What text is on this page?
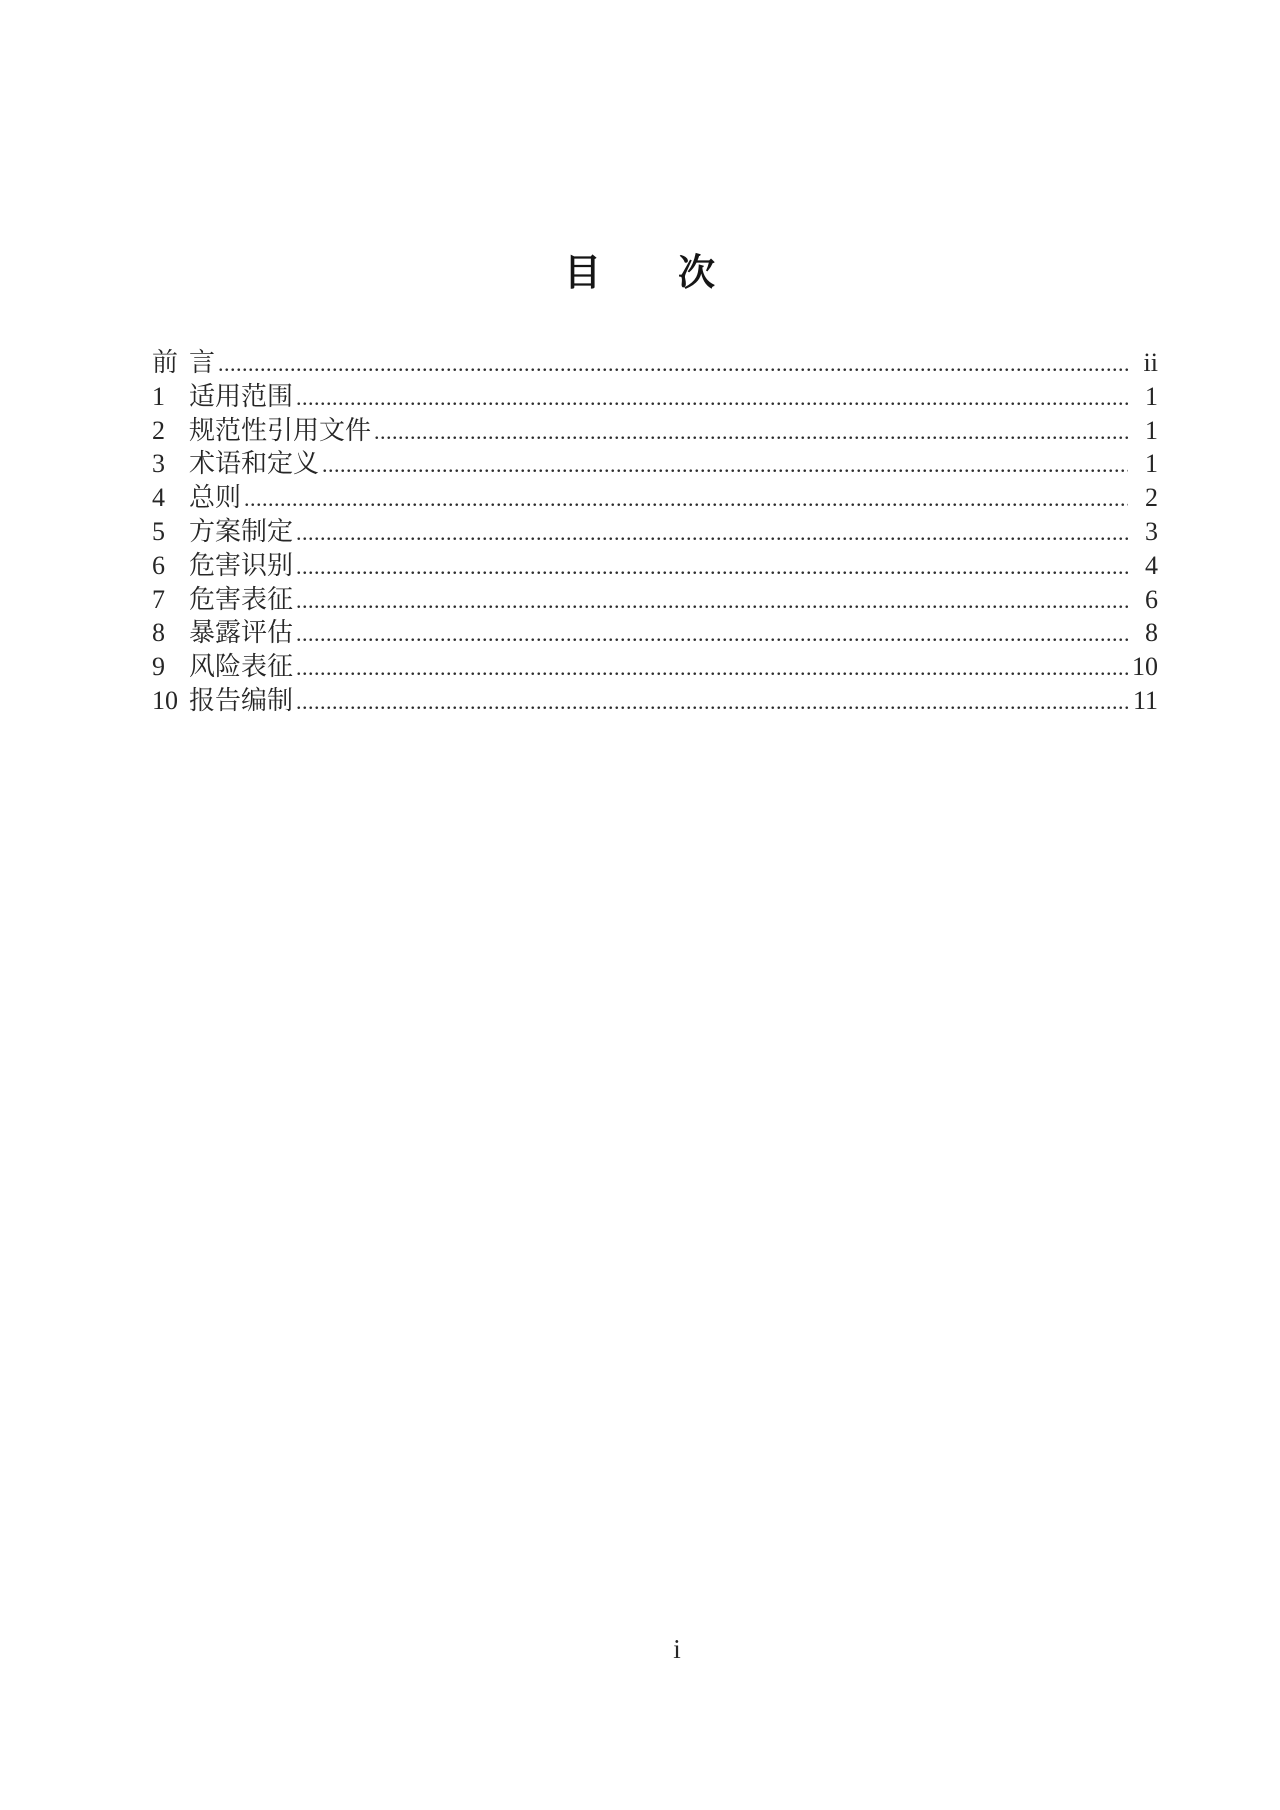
目　　次
前 言 .....	ii
1 适用范围 .....	1
2 规范性引用文件 .....	1
3 术语和定义 .....	1
4 总则 .....	2
5 方案制定 .....	3
6 危害识别 .....	4
7 危害表征 .....	6
8 暴露评估 .....	8
9 风险表征 .....	10
10 报告编制 .....	11
i
